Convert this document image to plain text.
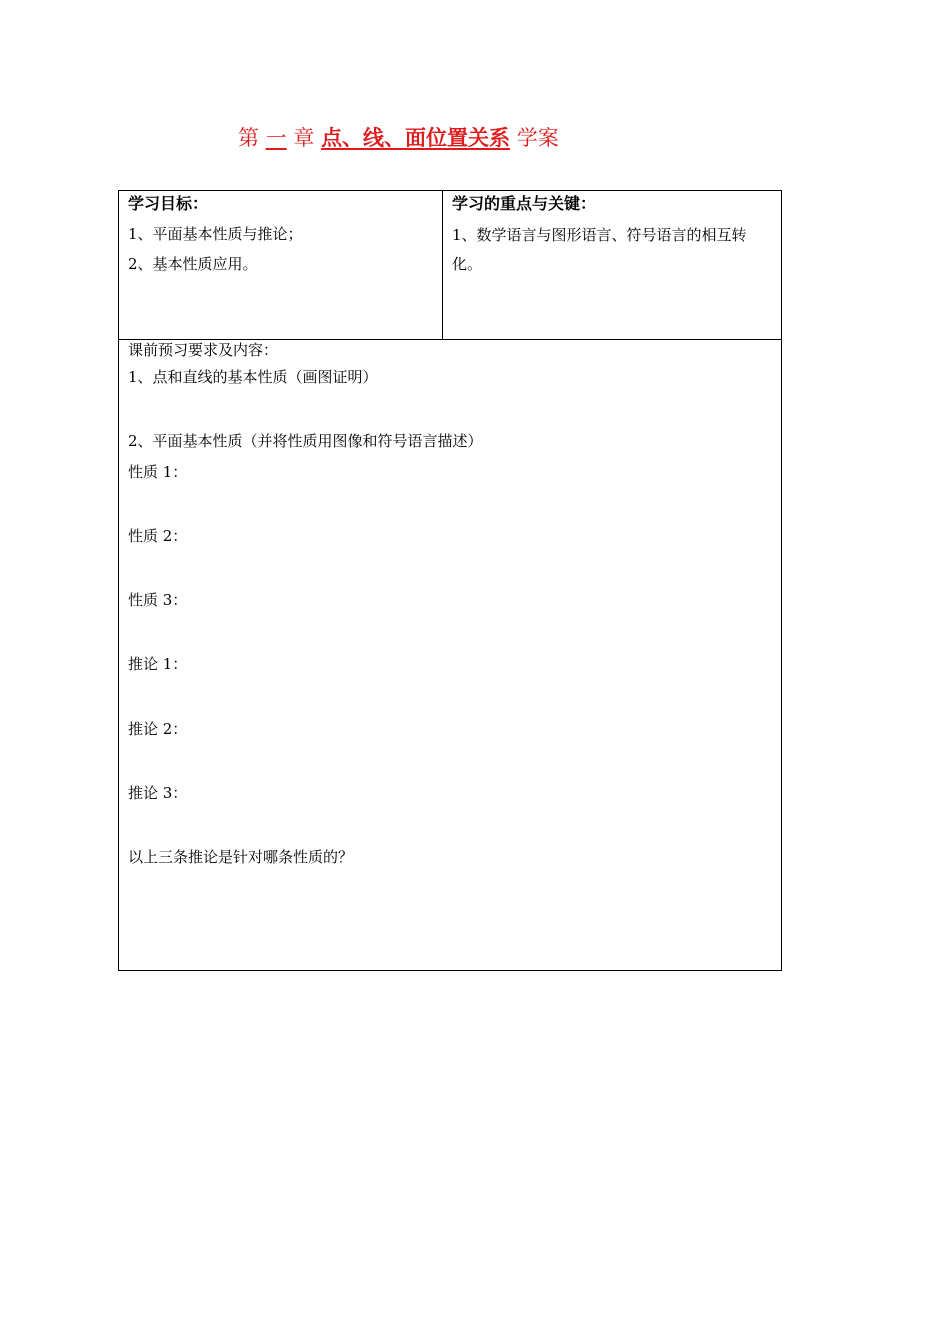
第 一 章 点、线、面位置关系 学案
学习目标：
1、平面基本性质与推论；
2、基本性质应用。
学习的重点与关键：
1、数学语言与图形语言、符号语言的相互转化。
课前预习要求及内容：
1、点和直线的基本性质（画图证明）
2、平面基本性质（并将性质用图像和符号语言描述）
性质 1：
性质 2：
性质 3：
推论 1：
推论 2：
推论 3：
以上三条推论是针对哪条性质的？
